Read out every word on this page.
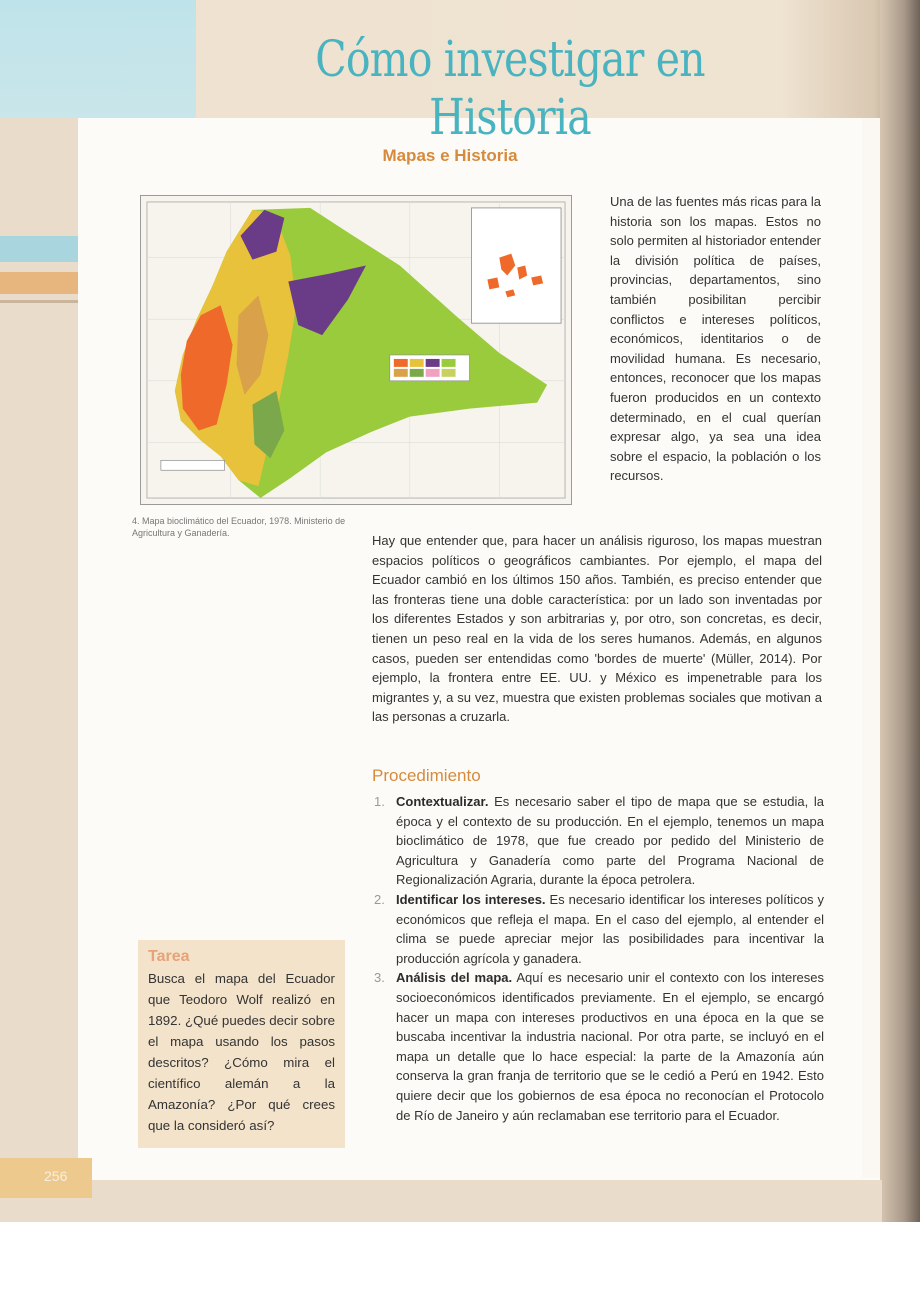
256
Cómo investigar en Historia
Mapas e Historia
4. Mapa bioclimático del Ecuador, 1978. Ministerio de Agricultura y Ganadería.

Una de las fuentes más ricas para la historia son los mapas. Estos no solo permiten al historiador entender la división política de países, provincias, departamentos, sino también posibilitan percibir conflictos e intereses políticos, económicos, identitarios o de movilidad humana. Es necesario, entonces, reconocer que los mapas fueron producidos en un contexto determinado, en el cual querían expresar algo, ya sea una idea sobre el espacio, la población o los recursos.

Hay que entender que, para hacer un análisis riguroso, los mapas muestran espacios políticos o geográficos cambiantes. Por ejemplo, el mapa del Ecuador cambió en los últimos 150 años. También, es preciso entender que las fronteras tiene una doble característica: por un lado son inventadas por los diferentes Estados y son arbitrarias y, por otro, son concretas, es decir, tienen un peso real en la vida de los seres humanos. Además, en algunos casos, pueden ser entendidas como 'bordes de muerte' (Müller, 2014). Por ejemplo, la frontera entre EE. UU. y México es impenetrable para los migrantes y, a su vez, muestra que existen problemas sociales que motivan a las personas a cruzarla.

Procedimiento
1. Contextualizar. Es necesario saber el tipo de mapa que se estudia, la época y el contexto de su producción. En el ejemplo, tenemos un mapa bioclimático de 1978, que fue creado por pedido del Ministerio de Agricultura y Ganadería como parte del Programa Nacional de Regionalización Agraria, durante la época petrolera.
2. Identificar los intereses. Es necesario identificar los intereses políticos y económicos que refleja el mapa. En el caso del ejemplo, al entender el clima se puede apreciar mejor las posibilidades para incentivar la producción agrícola y ganadera.
3. Análisis del mapa. Aquí es necesario unir el contexto con los intereses socioeconómicos identificados previamente. En el ejemplo, se encargó hacer un mapa con intereses productivos en una época en la que se buscaba incentivar la industria nacional. Por otra parte, se incluyó en el mapa un detalle que lo hace especial: la parte de la Amazonía aún conserva la gran franja de territorio que se le cedió a Perú en 1942. Esto quiere decir que los gobiernos de esa época no reconocían el Protocolo de Río de Janeiro y aún reclamaban ese territorio para el Ecuador.
Tarea
Busca el mapa del Ecuador que Teodoro Wolf realizó en 1892. ¿Qué puedes decir sobre el mapa usando los pasos descritos? ¿Cómo mira el científico alemán a la Amazonía? ¿Por qué crees que la consideró así?
